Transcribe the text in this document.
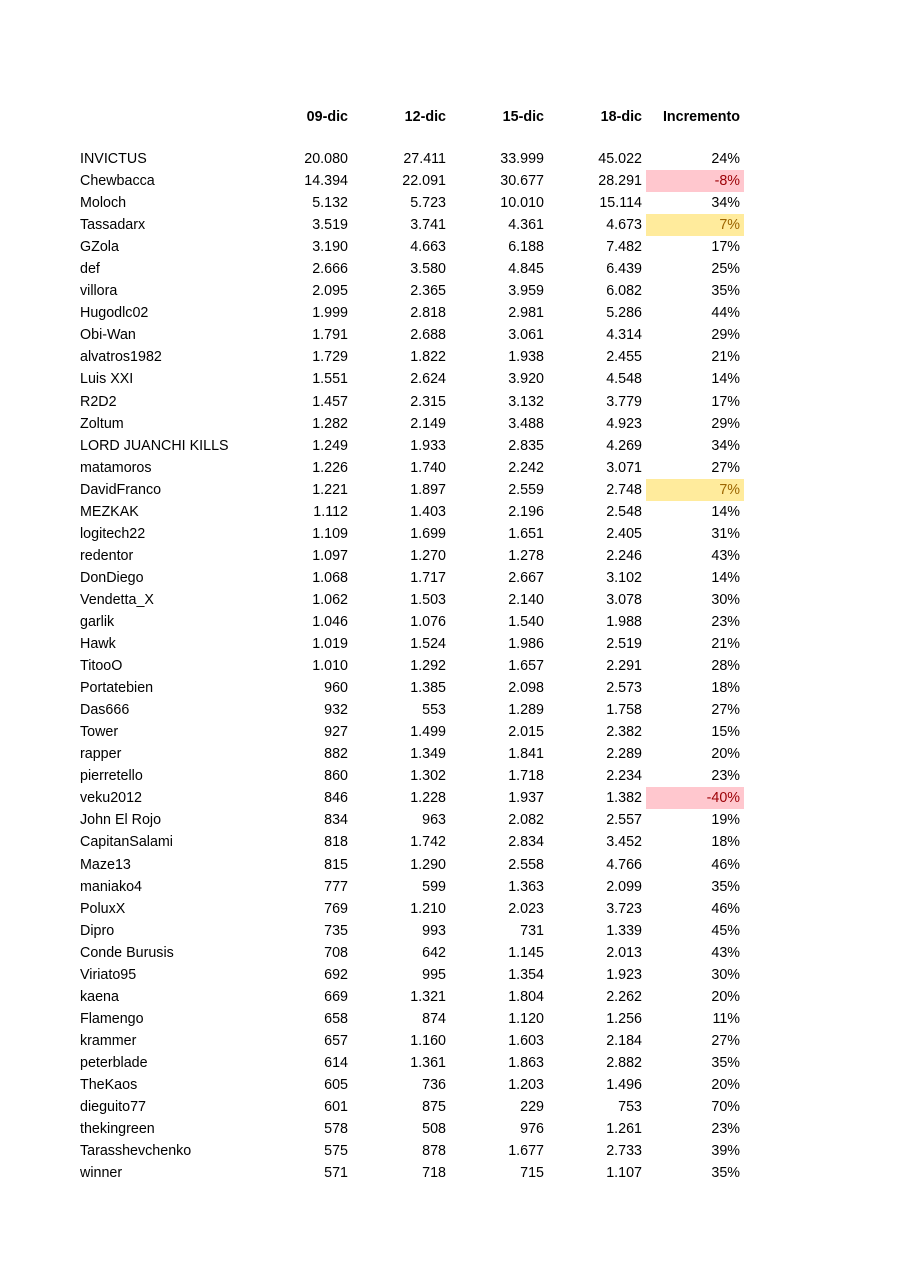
09-dic	12-dic	15-dic	18-dic	Incremento
INVICTUS	20.080	27.411	33.999	45.022	24%
Chewbacca	14.394	22.091	30.677	28.291	-8%
Moloch	5.132	5.723	10.010	15.114	34%
Tassadarx	3.519	3.741	4.361	4.673	7%
GZola	3.190	4.663	6.188	7.482	17%
def	2.666	3.580	4.845	6.439	25%
villora	2.095	2.365	3.959	6.082	35%
Hugodlc02	1.999	2.818	2.981	5.286	44%
Obi-Wan	1.791	2.688	3.061	4.314	29%
alvatros1982	1.729	1.822	1.938	2.455	21%
Luis XXI	1.551	2.624	3.920	4.548	14%
R2D2	1.457	2.315	3.132	3.779	17%
Zoltum	1.282	2.149	3.488	4.923	29%
LORD JUANCHI KILLS	1.249	1.933	2.835	4.269	34%
matamoros	1.226	1.740	2.242	3.071	27%
DavidFranco	1.221	1.897	2.559	2.748	7%
MEZKAK	1.112	1.403	2.196	2.548	14%
logitech22	1.109	1.699	1.651	2.405	31%
redentor	1.097	1.270	1.278	2.246	43%
DonDiego	1.068	1.717	2.667	3.102	14%
Vendetta_X	1.062	1.503	2.140	3.078	30%
garlik	1.046	1.076	1.540	1.988	23%
Hawk	1.019	1.524	1.986	2.519	21%
TitooO	1.010	1.292	1.657	2.291	28%
Portatebien	960	1.385	2.098	2.573	18%
Das666	932	553	1.289	1.758	27%
Tower	927	1.499	2.015	2.382	15%
rapper	882	1.349	1.841	2.289	20%
pierretello	860	1.302	1.718	2.234	23%
veku2012	846	1.228	1.937	1.382	-40%
John El Rojo	834	963	2.082	2.557	19%
CapitanSalami	818	1.742	2.834	3.452	18%
Maze13	815	1.290	2.558	4.766	46%
maniako4	777	599	1.363	2.099	35%
PoluxX	769	1.210	2.023	3.723	46%
Dipro	735	993	731	1.339	45%
Conde Burusis	708	642	1.145	2.013	43%
Viriato95	692	995	1.354	1.923	30%
kaena	669	1.321	1.804	2.262	20%
Flamengo	658	874	1.120	1.256	11%
krammer	657	1.160	1.603	2.184	27%
peterblade	614	1.361	1.863	2.882	35%
TheKaos	605	736	1.203	1.496	20%
dieguito77	601	875	229	753	70%
thekingreen	578	508	976	1.261	23%
Tarasshevchenko	575	878	1.677	2.733	39%
winner	571	718	715	1.107	35%
